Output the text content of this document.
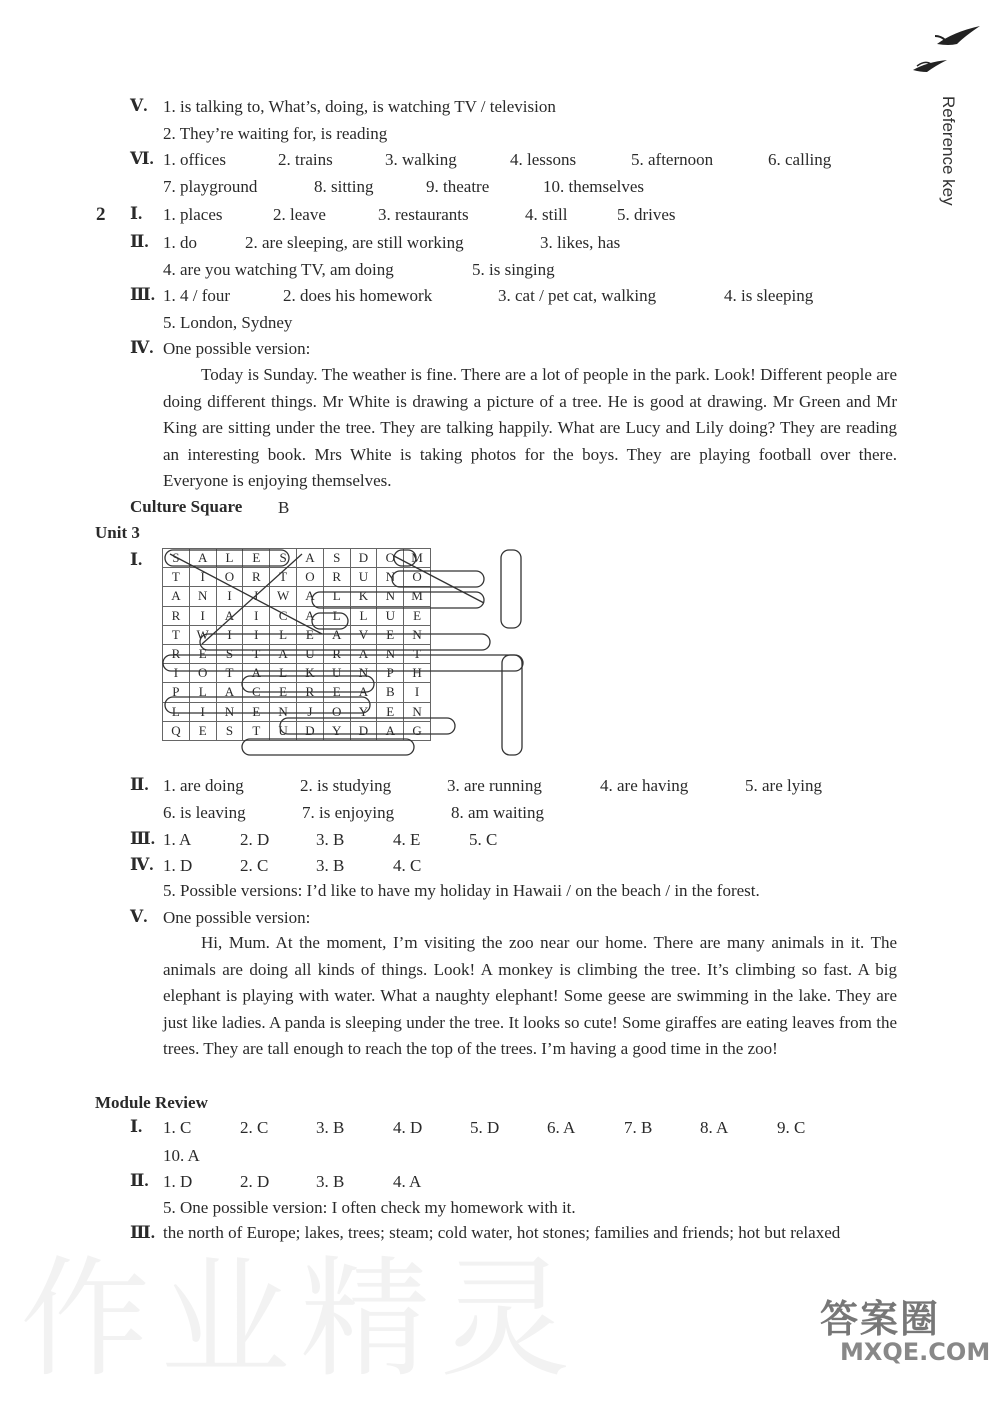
作业精灵
Reference key
Ⅴ. 1. is talking to, What’s, doing, is watching TV / television
2. They’re waiting for, is reading
Ⅵ. 1. offices	2. trains	3. walking	4. lessons	5. afternoon	6. calling
7. playground	8. sitting	9. theatre	10. themselves
2 Ⅰ. 1. places	2. leave	3. restaurants	4. still	5. drives
Ⅱ. 1. do	2. are sleeping, are still working	3. likes, has
4. are you watching TV, am doing	5. is singing
Ⅲ. 1. 4 / four	2. does his homework	3. cat / pet cat, walking	4. is sleeping
5. London, Sydney
Ⅳ. One possible version:
Today is Sunday. The weather is fine. There are a lot of people in the park. Look! Different people are doing different things. Mr White is drawing a picture of a tree. He is good at drawing. Mr Green and Mr King are sitting under the tree. They are talking happily. What are Lucy and Lily doing? They are reading an interesting book. Mrs White is taking photos for the boys. They are playing football over there. Everyone is enjoying themselves.
Culture Square B
Unit 3
Ⅰ. S	A	L	E	S	A	S	D	O	M
T	I	O	R	T	O	R	U	N	O
A	N	I	I	W	A	L	K	N	M
R	I	A	I	C	A	L	L	U	E
T	W	I	I	L	E	A	V	E	N
R	E	S	T	A	U	R	A	N	T
I	O	T	A	L	K	U	N	P	H
P	L	A	C	E	R	E	A	B	I
L	I	N	E	N	J	O	Y	E	N
Q	E	S	T	U	D	Y	D	A	G
Ⅱ. 1. are doing	2. is studying	3. are running	4. are having	5. are lying
6. is leaving	7. is enjoying	8. am waiting
Ⅲ. 1. A	2. D	3. B	4. E	5. C
Ⅳ. 1. D	2. C	3. B	4. C
5. Possible versions: I’d like to have my holiday in Hawaii / on the beach / in the forest.
Ⅴ. One possible version:
Hi, Mum. At the moment, I’m visiting the zoo near our home. There are many animals in it. The animals are doing all kinds of things. Look! A monkey is climbing the tree. It’s climbing so fast. A big elephant is playing with water. What a naughty elephant! Some geese are swimming in the lake. They are just like ladies. A panda is sleeping under the tree. It looks so cute! Some giraffes are eating leaves from the trees. They are tall enough to reach the top of the trees. I’m having a good time in the zoo!
Module Review
Ⅰ. 1. C	2. C	3. B	4. D	5. D	6. A	7. B	8. A	9. C
10. A
Ⅱ. 1. D	2. D	3. B	4. A
5. One possible version: I often check my homework with it.
Ⅲ. the north of Europe; lakes, trees; steam; cold water, hot stones; families and friends; hot but relaxed
答案圈
MXQE.COM
